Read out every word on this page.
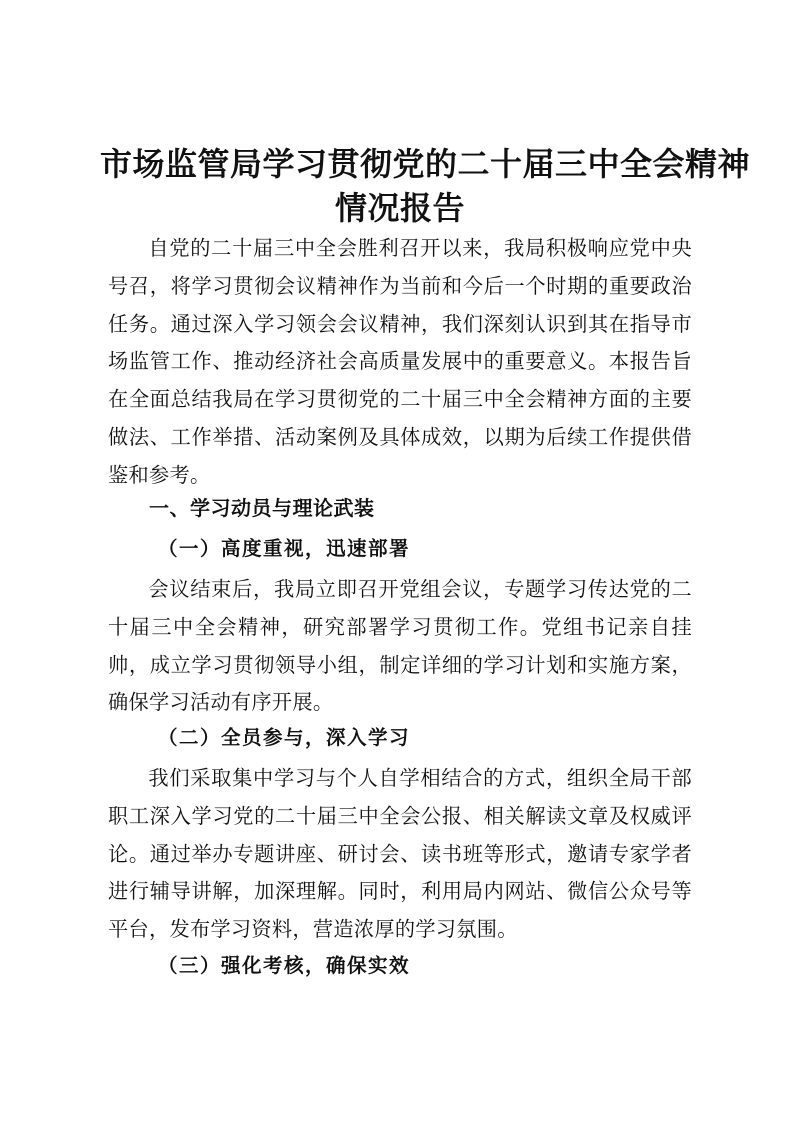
市场监管局学习贯彻党的二十届三中全会精神
情况报告

自党的二十届三中全会胜利召开以来，我局积极响应党中央号召，将学习贯彻会议精神作为当前和今后一个时期的重要政治任务。通过深入学习领会会议精神，我们深刻认识到其在指导市场监管工作、推动经济社会高质量发展中的重要意义。本报告旨在全面总结我局在学习贯彻党的二十届三中全会精神方面的主要做法、工作举措、活动案例及具体成效，以期为后续工作提供借鉴和参考。

一、学习动员与理论武装
（一）高度重视，迅速部署

会议结束后，我局立即召开党组会议，专题学习传达党的二十届三中全会精神，研究部署学习贯彻工作。党组书记亲自挂帅，成立学习贯彻领导小组，制定详细的学习计划和实施方案，确保学习活动有序开展。

（二）全员参与，深入学习

我们采取集中学习与个人自学相结合的方式，组织全局干部职工深入学习党的二十届三中全会公报、相关解读文章及权威评论。通过举办专题讲座、研讨会、读书班等形式，邀请专家学者进行辅导讲解，加深理解。同时，利用局内网站、微信公众号等平台，发布学习资料，营造浓厚的学习氛围。

（三）强化考核，确保实效
